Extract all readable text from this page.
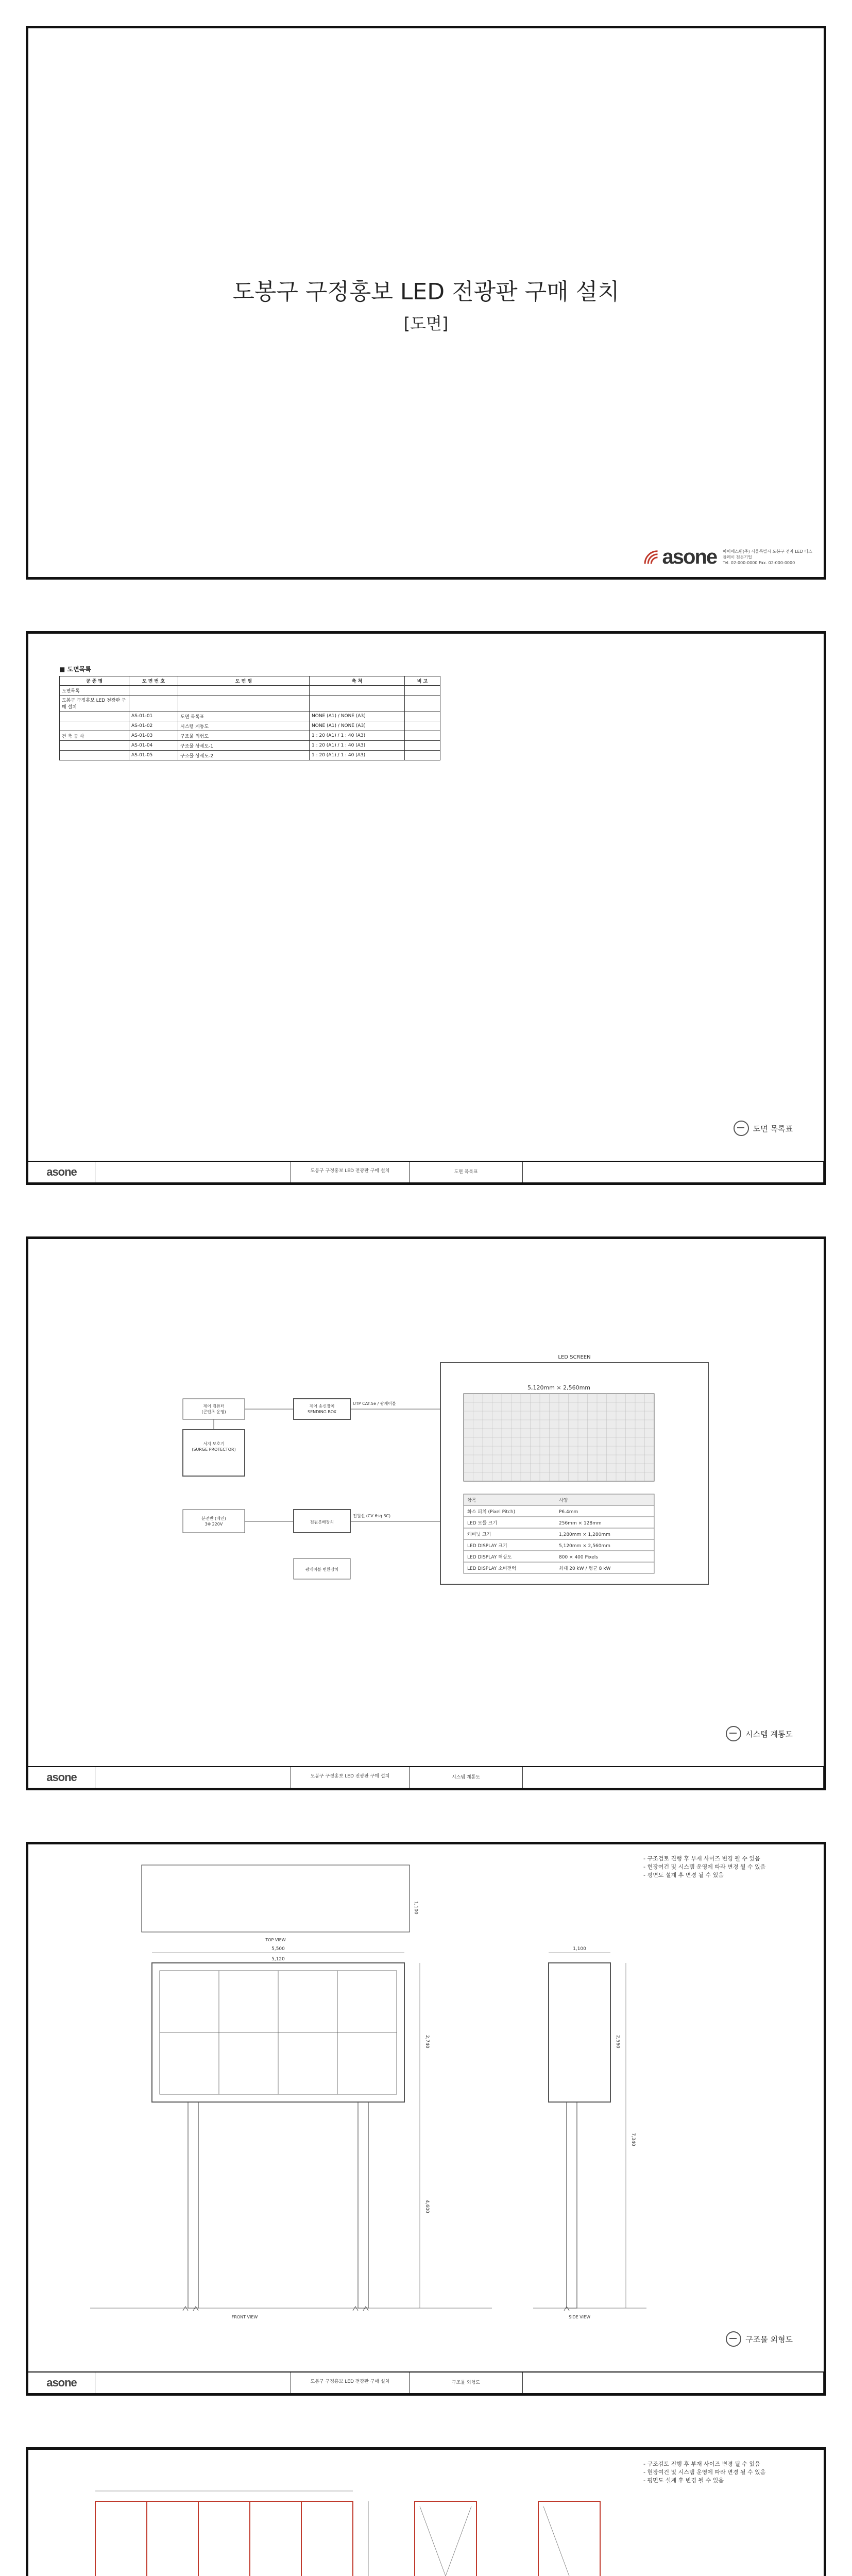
도봉구 구정홍보 LED 전광판 구매 설치
[도면]
asone 아이에스원(주) 서울특별시 도봉구 전자 LED 디스플레이 전문기업
Tel. 02-000-0000 Fax. 02-000-0000
■ 도면목록
공 종 명	도 면 번 호	도 면 명	축 척	비 고
도면목록				
도봉구 구정홍보 LED 전광판 구매 설치				
	AS-01-01	도면 목록표	NONE (A1) / NONE (A3)	
	AS-01-02	시스템 계통도	NONE (A1) / NONE (A3)	
건 축 공 사	AS-01-03	구조물 외형도	1 : 20 (A1) / 1 : 40 (A3)	
	AS-01-04	구조물 상세도-1	1 : 20 (A1) / 1 : 40 (A3)	
	AS-01-05	구조물 상세도-2	1 : 20 (A1) / 1 : 40 (A3)	
도면 목록표
asone	도봉구 구정홍보 LED 전광판 구매 설치	도면 목록표
LED SCREEN
5,120mm × 2,560mm
UTP CAT.5e / 광케이블
전원선 (CV 6sq 3C)
제어 컴퓨터 (콘텐츠 운영)
서지 보호기 (SURGE PROTECTOR)
분전반 (메인) 3Φ 220V
제어 송신장치 SENDING BOX
전원분배장치
광케이블 변환장치
항목	사양
화소 피치 (Pixel Pitch)	P6.4mm
LED 모듈 크기	256mm × 128mm
캐비닛 크기	1,280mm × 1,280mm
LED DISPLAY 크기	5,120mm × 2,560mm
LED DISPLAY 해상도	800 × 400 Pixels
LED DISPLAY 소비전력	최대 20 kW / 평균 8 kW
시스템 계통도
asone	도봉구 구정홍보 LED 전광판 구매 설치	시스템 계통도
- 구조검토 진행 후 부재 사이즈 변경 될 수 있음
- 현장여건 및 시스템 운영에 따라 변경 될 수 있음
- 평면도 설계 후 변경 될 수 있음
TOP VIEW
FRONT VIEW	SIDE VIEW
5,500
5,120
2,740
4,600
1,100
7,340
1,100
2,560
구조물 외형도
asone	도봉구 구정홍보 LED 전광판 구매 설치	구조물 외형도
- 구조검토 진행 후 부재 사이즈 변경 될 수 있음
- 현장여건 및 시스템 운영에 따라 변경 될 수 있음
- 평면도 설계 후 변경 될 수 있음
